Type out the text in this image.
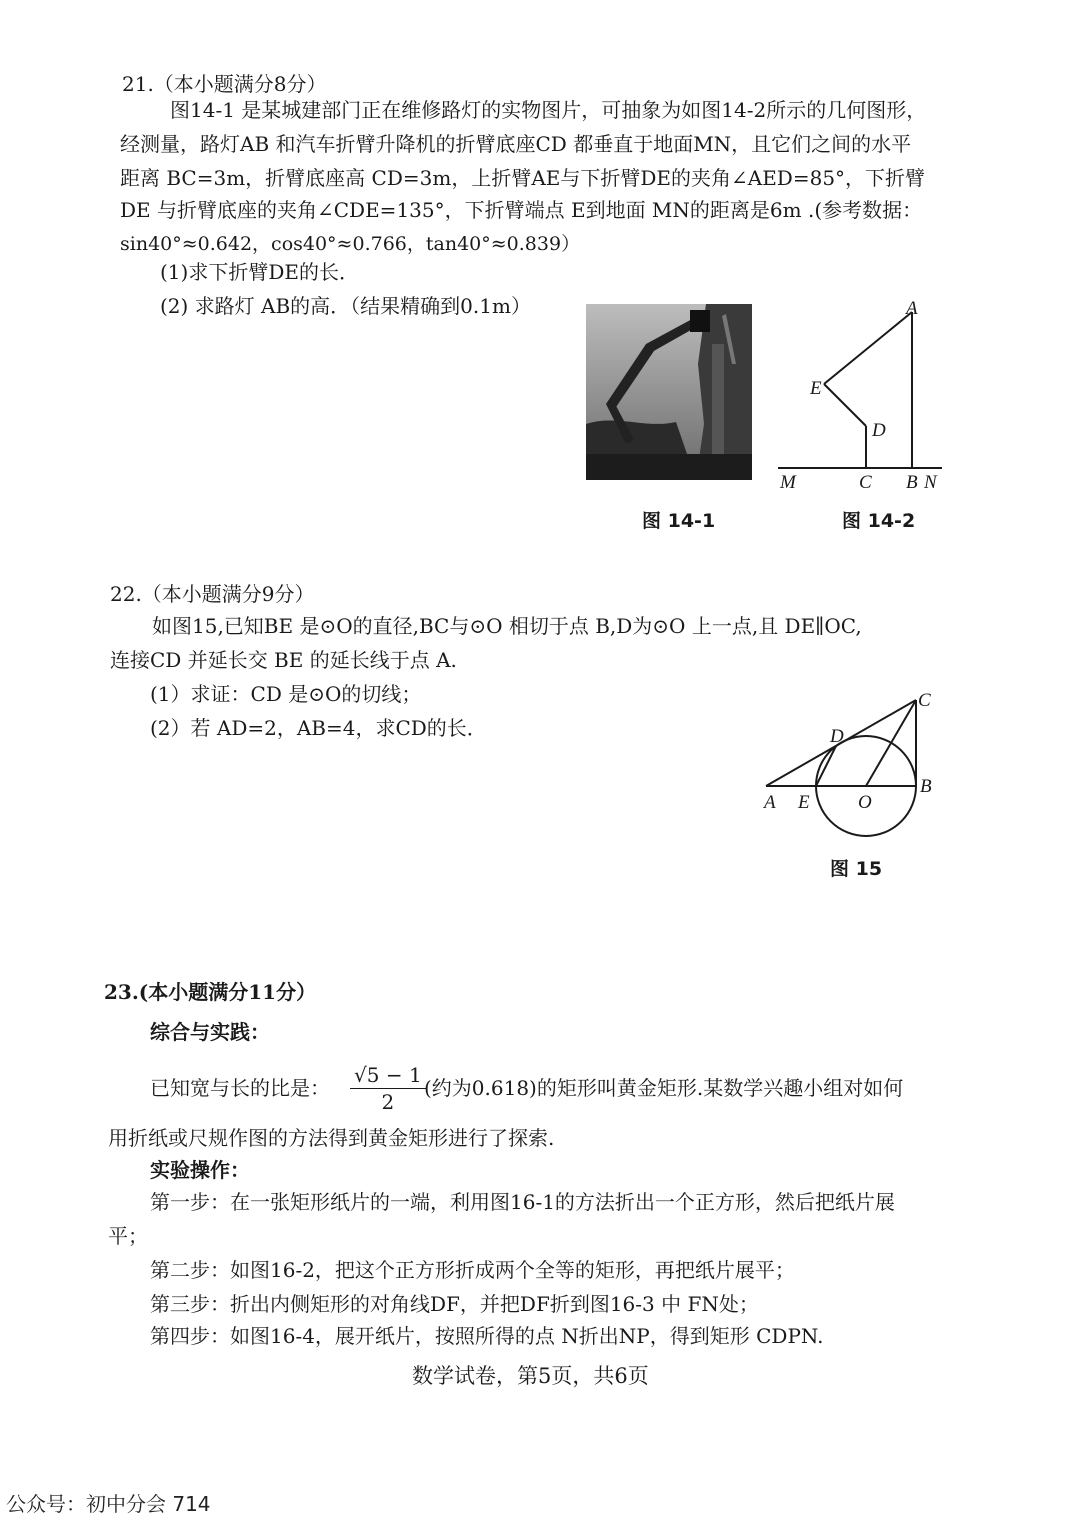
21.（本小题满分8分）
图14-1 是某城建部门正在维修路灯的实物图片，可抽象为如图14-2所示的几何图形，
经测量，路灯AB 和汽车折臂升降机的折臂底座CD 都垂直于地面MN，且它们之间的水平
距离 BC=3m，折臂底座高 CD=3m，上折臂AE与下折臂DE的夹角∠AED=85°，下折臂
DE 与折臂底座的夹角∠CDE=135°，下折臂端点 E到地面 MN的距离是6m .(参考数据：
sin40°≈0.642，cos40°≈0.766，tan40°≈0.839）
(1)求下折臂DE的长．
(2) 求路灯 AB的高．（结果精确到0.1m）
图 14-1
A
E
D
M	C B N
图 14-2
22.（本小题满分9分）
如图15,已知BE 是⊙O的直径,BC与⊙O 相切于点 B,D为⊙O 上一点,且 DE∥OC,
连接CD 并延长交 BE 的延长线于点 A.
(1）求证：CD 是⊙O的切线；
(2）若 AD=2，AB=4，求CD的长．
C
D
A E	O
B
图 15
23.(本小题满分11分）
综合与实践：
已知宽与长的比是： $\frac{√5 - 1}{2}$
(约为0.618)的矩形叫黄金矩形.某数学兴趣小组对如何
用折纸或尺规作图的方法得到黄金矩形进行了探索.
实验操作：
第一步：在一张矩形纸片的一端，利用图16-1的方法折出一个正方形，然后把纸片展
平；
第二步：如图16-2，把这个正方形折成两个全等的矩形，再把纸片展平；
第三步：折出内侧矩形的对角线DF，并把DF折到图16-3 中 FN处；
第四步：如图16-4，展开纸片，按照所得的点 N折出NP，得到矩形 CDPN.
数学试卷，第5页，共6页
公众号：初中分会 714
